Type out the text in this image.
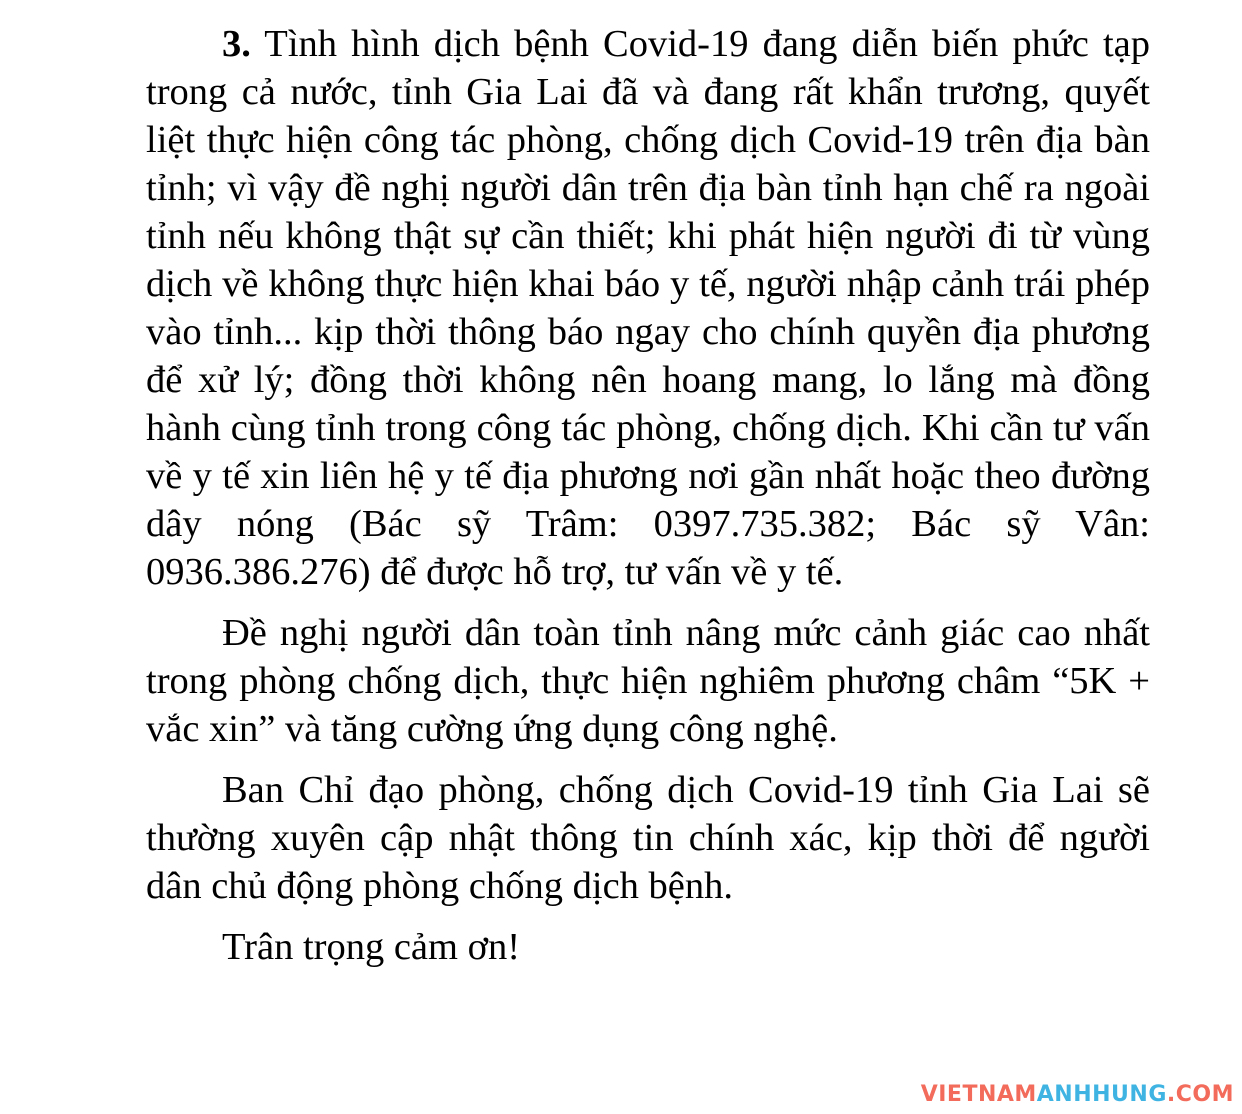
3. Tình hình dịch bệnh Covid-19 đang diễn biến phức tạp trong cả nước, tỉnh Gia Lai đã và đang rất khẩn trương, quyết liệt thực hiện công tác phòng, chống dịch Covid-19 trên địa bàn tỉnh; vì vậy đề nghị người dân trên địa bàn tỉnh hạn chế ra ngoài tỉnh nếu không thật sự cần thiết; khi phát hiện người đi từ vùng dịch về không thực hiện khai báo y tế, người nhập cảnh trái phép vào tỉnh... kịp thời thông báo ngay cho chính quyền địa phương để xử lý; đồng thời không nên hoang mang, lo lắng mà đồng hành cùng tỉnh trong công tác phòng, chống dịch. Khi cần tư vấn về y tế xin liên hệ y tế địa phương nơi gần nhất hoặc theo đường dây nóng (Bác sỹ Trâm: 0397.735.382; Bác sỹ Vân: 0936.386.276) để được hỗ trợ, tư vấn về y tế.

Đề nghị người dân toàn tỉnh nâng mức cảnh giác cao nhất trong phòng chống dịch, thực hiện nghiêm phương châm “5K + vắc xin” và tăng cường ứng dụng công nghệ.

Ban Chỉ đạo phòng, chống dịch Covid-19 tỉnh Gia Lai sẽ thường xuyên cập nhật thông tin chính xác, kịp thời để người dân chủ động phòng chống dịch bệnh.

Trân trọng cảm ơn!

VIETNAMANHHUNG.COM
